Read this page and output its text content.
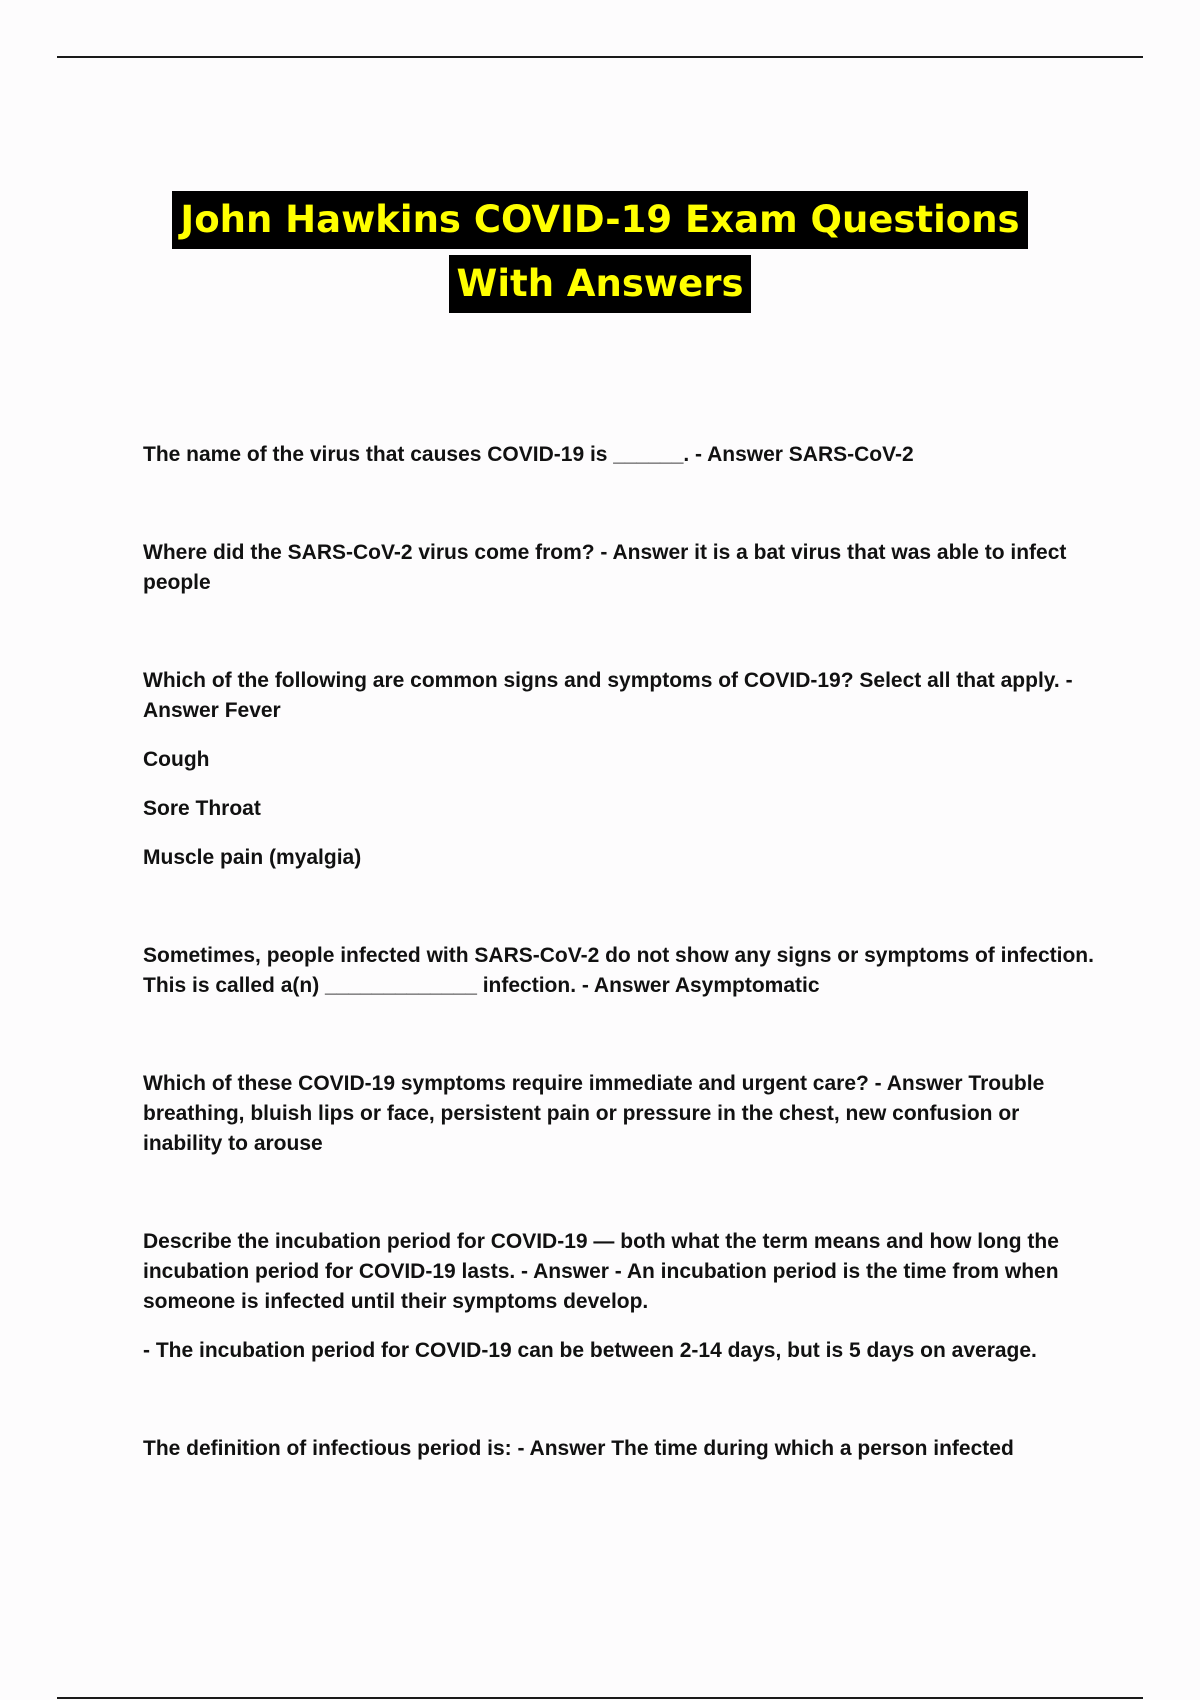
John Hawkins COVID-19 Exam Questions
With Answers

The name of the virus that causes COVID-19 is ______. - Answer SARS-CoV-2

Where did the SARS-CoV-2 virus come from? - Answer it is a bat virus that was able to infect people

Which of the following are common signs and symptoms of COVID-19? Select all that apply. - Answer Fever

Cough

Sore Throat

Muscle pain (myalgia)

Sometimes, people infected with SARS-CoV-2 do not show any signs or symptoms of infection. This is called a(n) _____________ infection. - Answer Asymptomatic

Which of these COVID-19 symptoms require immediate and urgent care? - Answer Trouble breathing, bluish lips or face, persistent pain or pressure in the chest, new confusion or inability to arouse

Describe the incubation period for COVID-19 — both what the term means and how long the incubation period for COVID-19 lasts. - Answer - An incubation period is the time from when someone is infected until their symptoms develop.

- The incubation period for COVID-19 can be between 2-14 days, but is 5 days on average.

The definition of infectious period is: - Answer The time during which a person infected
